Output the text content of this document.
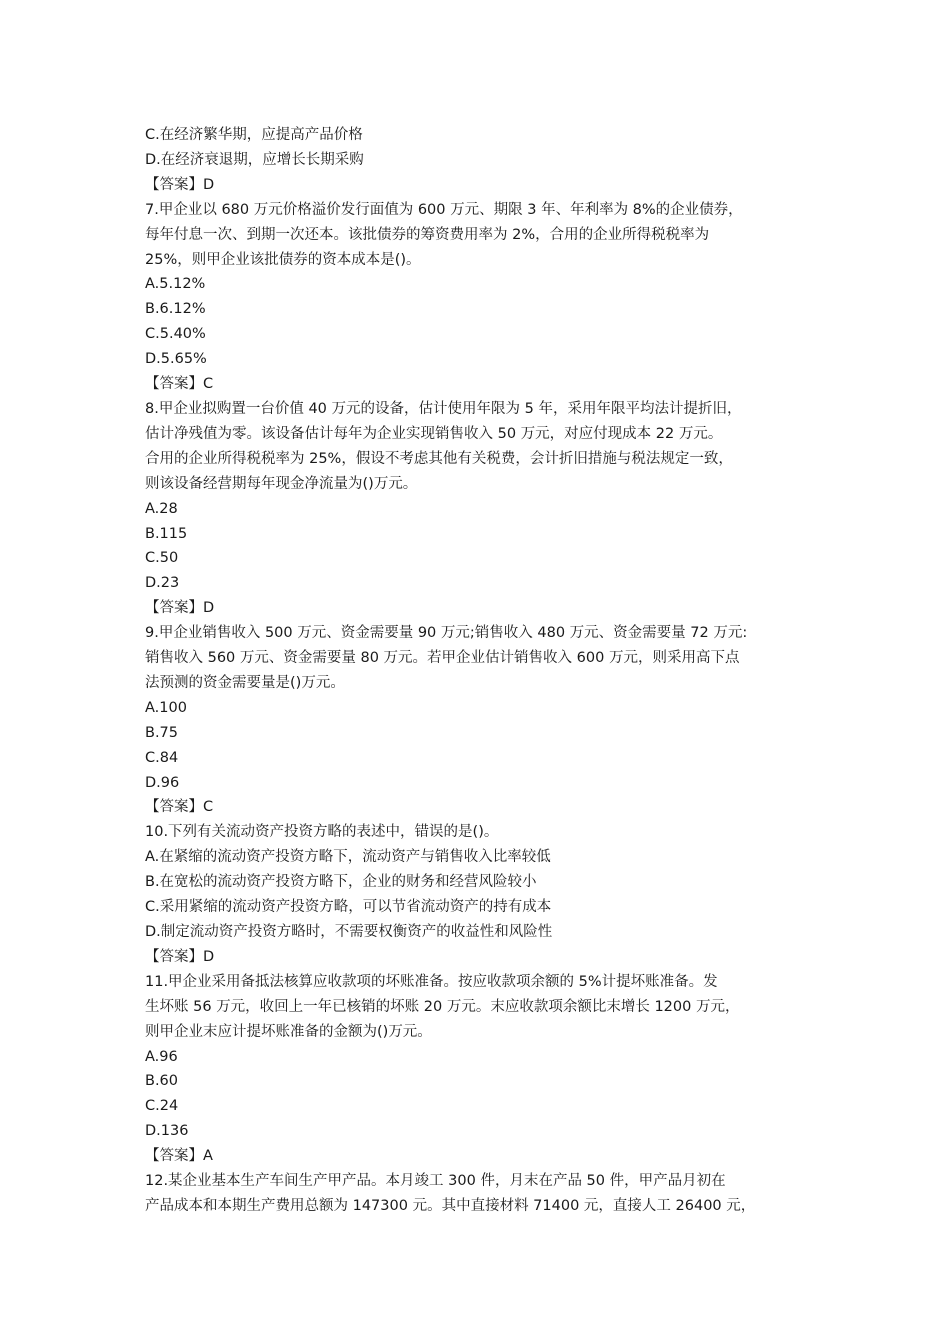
C.在经济繁华期，应提高产品价格
D.在经济衰退期，应增长长期采购
【答案】D
7.甲企业以 680 万元价格溢价发行面值为 600 万元、期限 3 年、年利率为 8%的企业债券，
每年付息一次、到期一次还本。该批债券的筹资费用率为 2%，合用的企业所得税税率为
25%，则甲企业该批债券的资本成本是()。
A.5.12%
B.6.12%
C.5.40%
D.5.65%
【答案】C
8.甲企业拟购置一台价值 40 万元的设备，估计使用年限为 5 年，采用年限平均法计提折旧，
估计净残值为零。该设备估计每年为企业实现销售收入 50 万元，对应付现成本 22 万元。
合用的企业所得税税率为 25%，假设不考虑其他有关税费，会计折旧措施与税法规定一致，
则该设备经营期每年现金净流量为()万元。
A.28
B.115
C.50
D.23
【答案】D
9.甲企业销售收入 500 万元、资金需要量 90 万元;销售收入 480 万元、资金需要量 72 万元:
销售收入 560 万元、资金需要量 80 万元。若甲企业估计销售收入 600 万元，则采用高下点
法预测的资金需要量是()万元。
A.100
B.75
C.84
D.96
【答案】C
10.下列有关流动资产投资方略的表述中，错误的是()。
A.在紧缩的流动资产投资方略下，流动资产与销售收入比率较低
B.在宽松的流动资产投资方略下，企业的财务和经营风险较小
C.采用紧缩的流动资产投资方略，可以节省流动资产的持有成本
D.制定流动资产投资方略时，不需要权衡资产的收益性和风险性
【答案】D
11.甲企业采用备抵法核算应收款项的坏账准备。按应收款项余额的 5%计提坏账准备。发
生坏账 56 万元，收回上一年已核销的坏账 20 万元。末应收款项余额比末增长 1200 万元，
则甲企业末应计提坏账准备的金额为()万元。
A.96
B.60
C.24
D.136
【答案】A
12.某企业基本生产车间生产甲产品。本月竣工 300 件，月末在产品 50 件，甲产品月初在
产品成本和本期生产费用总额为 147300 元。其中直接材料 71400 元，直接人工 26400 元，
